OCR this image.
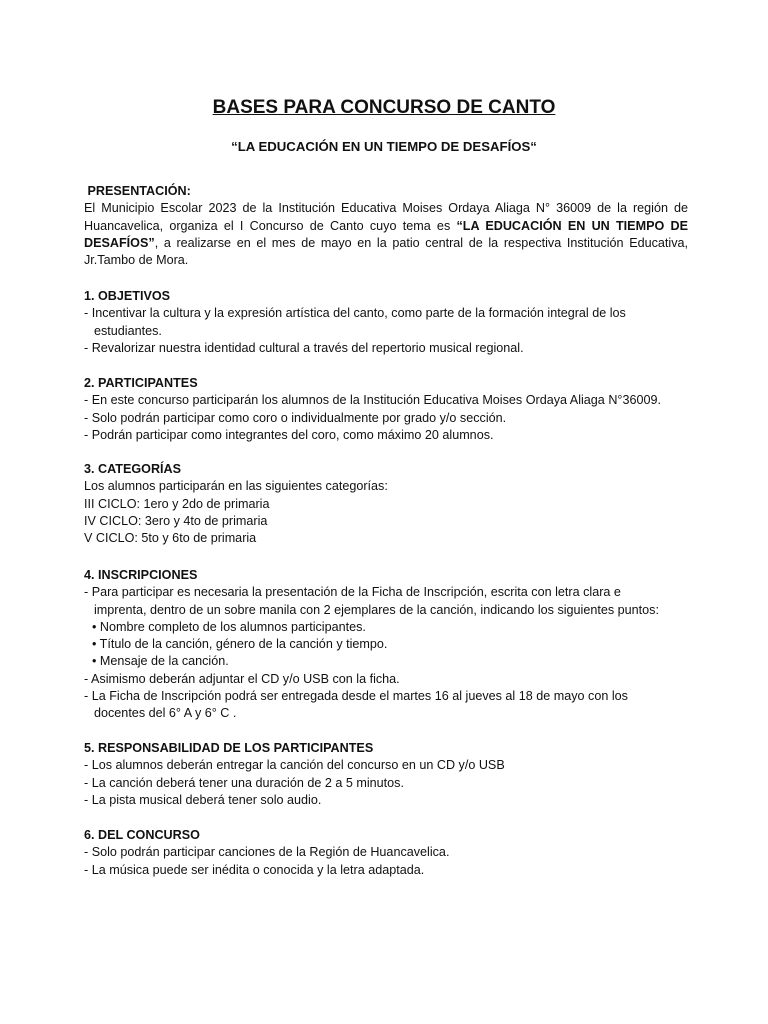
BASES PARA CONCURSO DE CANTO
“LA EDUCACIÓN EN UN TIEMPO DE DESAFÍOS“
PRESENTACIÓN:
El Municipio Escolar 2023 de la Institución Educativa Moises Ordaya Aliaga N° 36009 de la región de Huancavelica, organiza el I Concurso de Canto cuyo tema es “LA EDUCACIÓN EN UN TIEMPO DE DESAFÍOS”, a realizarse en el mes de mayo en la patio central de la respectiva Institución Educativa, Jr.Tambo de Mora.
1. OBJETIVOS
- Incentivar la cultura y la expresión artística del canto, como parte de la formación integral de los
estudiantes.
- Revalorizar nuestra identidad cultural a través del repertorio musical regional.
2. PARTICIPANTES
- En este concurso participarán los alumnos de la Institución Educativa Moises Ordaya Aliaga N°36009.
- Solo podrán participar como coro o individualmente por grado y/o sección.
- Podrán participar como integrantes del coro, como máximo 20 alumnos.
3. CATEGORÍAS
Los alumnos participarán en las siguientes categorías:
III CICLO: 1ero y 2do de primaria
IV CICLO: 3ero y 4to de primaria
V CICLO: 5to y 6to de primaria
4. INSCRIPCIONES
- Para participar es necesaria la presentación de la Ficha de Inscripción, escrita con letra clara e
imprenta, dentro de un sobre manila con 2 ejemplares de la canción, indicando los siguientes puntos:
• Nombre completo de los alumnos participantes.
• Título de la canción, género de la canción y tiempo.
• Mensaje de la canción.
- Asimismo deberán adjuntar el CD y/o USB con la ficha.
- La Ficha de Inscripción podrá ser entregada desde el martes 16 al jueves al 18 de mayo con los
docentes del 6° A y 6° C .
5. RESPONSABILIDAD DE LOS PARTICIPANTES
- Los alumnos deberán entregar la canción del concurso en un CD y/o USB
- La canción deberá tener una duración de 2 a 5 minutos.
- La pista musical deberá tener solo audio.
6. DEL CONCURSO
- Solo podrán participar canciones de la Región de Huancavelica.
- La música puede ser inédita o conocida y la letra adaptada.
